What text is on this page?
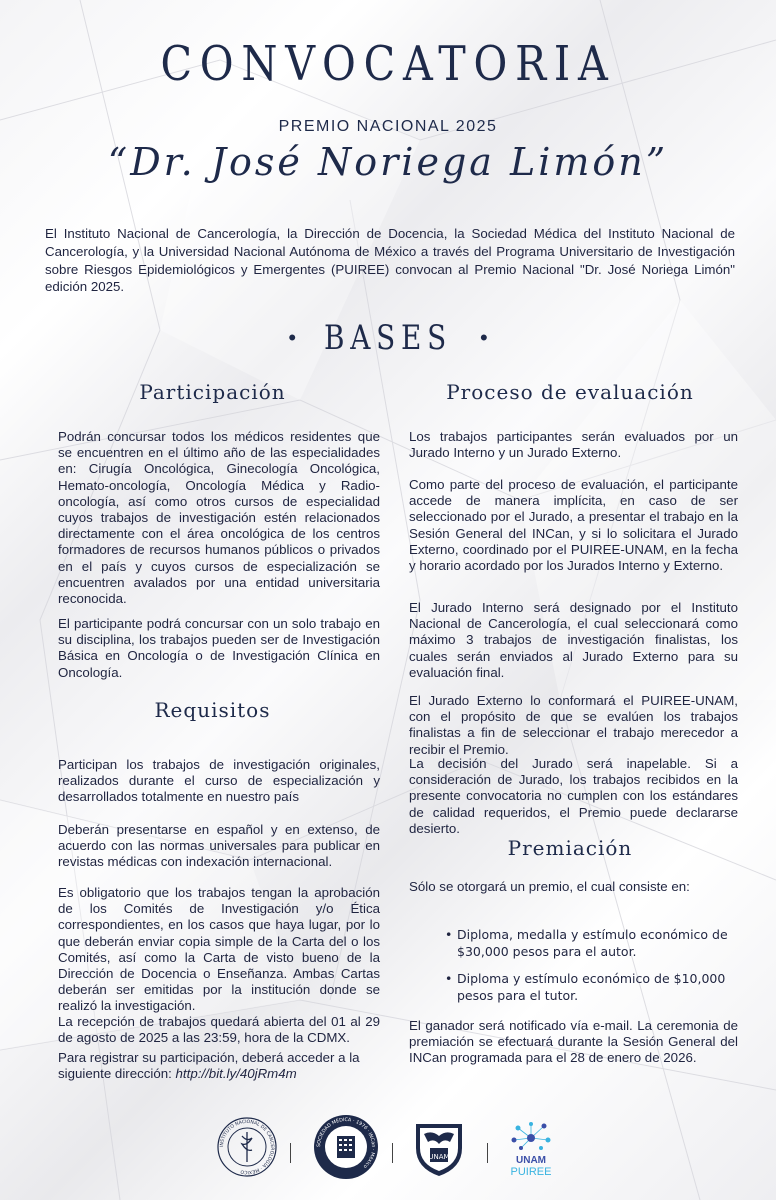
CONVOCATORIA
PREMIO NACIONAL 2025
“Dr. José Noriega Limón”

El Instituto Nacional de Cancerología, la Dirección de Docencia, la Sociedad Médica del Instituto Nacional de Cancerología, y la Universidad Nacional Autónoma de México a través del Programa Universitario de Investigación sobre Riesgos Epidemiológicos y Emergentes (PUIREE) convocan al Premio Nacional "Dr. José Noriega Limón" edición 2025.

• BASES •
Participación

Podrán concursar todos los médicos residentes que se encuentren en el último año de las especialidades en: Cirugía Oncológica, Ginecología Oncológica, Hemato-oncología, Oncología Médica y Radio-oncología, así como otros cursos de especialidad cuyos trabajos de investigación estén relacionados directamente con el área oncológica de los centros formadores de recursos humanos públicos o privados en el país y cuyos cursos de especialización se encuentren avalados por una entidad universitaria reconocida.

El participante podrá concursar con un solo trabajo en su disciplina, los trabajos pueden ser de Investigación Básica en Oncología o de Investigación Clínica en Oncología.

Requisitos

Participan los trabajos de investigación originales, realizados durante el curso de especialización y desarrollados totalmente en nuestro país

Deberán presentarse en español y en extenso, de acuerdo con las normas universales para publicar en revistas médicas con indexación internacional.

Es obligatorio que los trabajos tengan la aprobación de los Comités de Investigación y/o Ética correspondientes, en los casos que haya lugar, por lo que deberán enviar copia simple de la Carta del o los Comités, así como la Carta de visto bueno de la Dirección de Docencia o Enseñanza. Ambas Cartas deberán ser emitidas por la institución donde se realizó la investigación.

La recepción de trabajos quedará abierta del 01 al 29 de agosto de 2025 a las 23:59, hora de la CDMX.

Para registrar su participación, deberá acceder a la siguiente dirección: http://bit.ly/40jRm4m

Proceso de evaluación

Los trabajos participantes serán evaluados por un Jurado Interno y un Jurado Externo.

Como parte del proceso de evaluación, el participante accede de manera implícita, en caso de ser seleccionado por el Jurado, a presentar el trabajo en la Sesión General del INCan, y si lo solicitara el Jurado Externo, coordinado por el PUIREE-UNAM, en la fecha y horario acordado por los Jurados Interno y Externo.

El Jurado Interno será designado por el Instituto Nacional de Cancerología, el cual seleccionará como máximo 3 trabajos de investigación finalistas, los cuales serán enviados al Jurado Externo para su evaluación final.

El Jurado Externo lo conformará el PUIREE-UNAM, con el propósito de que se evalúen los trabajos finalistas a fin de seleccionar el trabajo merecedor a recibir el Premio.

La decisión del Jurado será inapelable. Si a consideración de Jurado, los trabajos recibidos en la presente convocatoria no cumplen con los estándares de calidad requeridos, el Premio puede declararse desierto.

Premiación

Sólo se otorgará un premio, el cual consiste en:

• Diploma, medalla y estímulo económico de $30,000 pesos para el autor.
• Diploma y estímulo económico de $10,000 pesos para el tutor.

El ganador será notificado vía e-mail. La ceremonia de premiación se efectuará durante la Sesión General del INCan programada para el 28 de enero de 2026.

INSTITUTO NACIONAL DE CANCEROLOGÍA · MÉXICO
SOCIEDAD MÉDICA · 1976 · INCan · México
UNAM	UNAM
PUIREE
